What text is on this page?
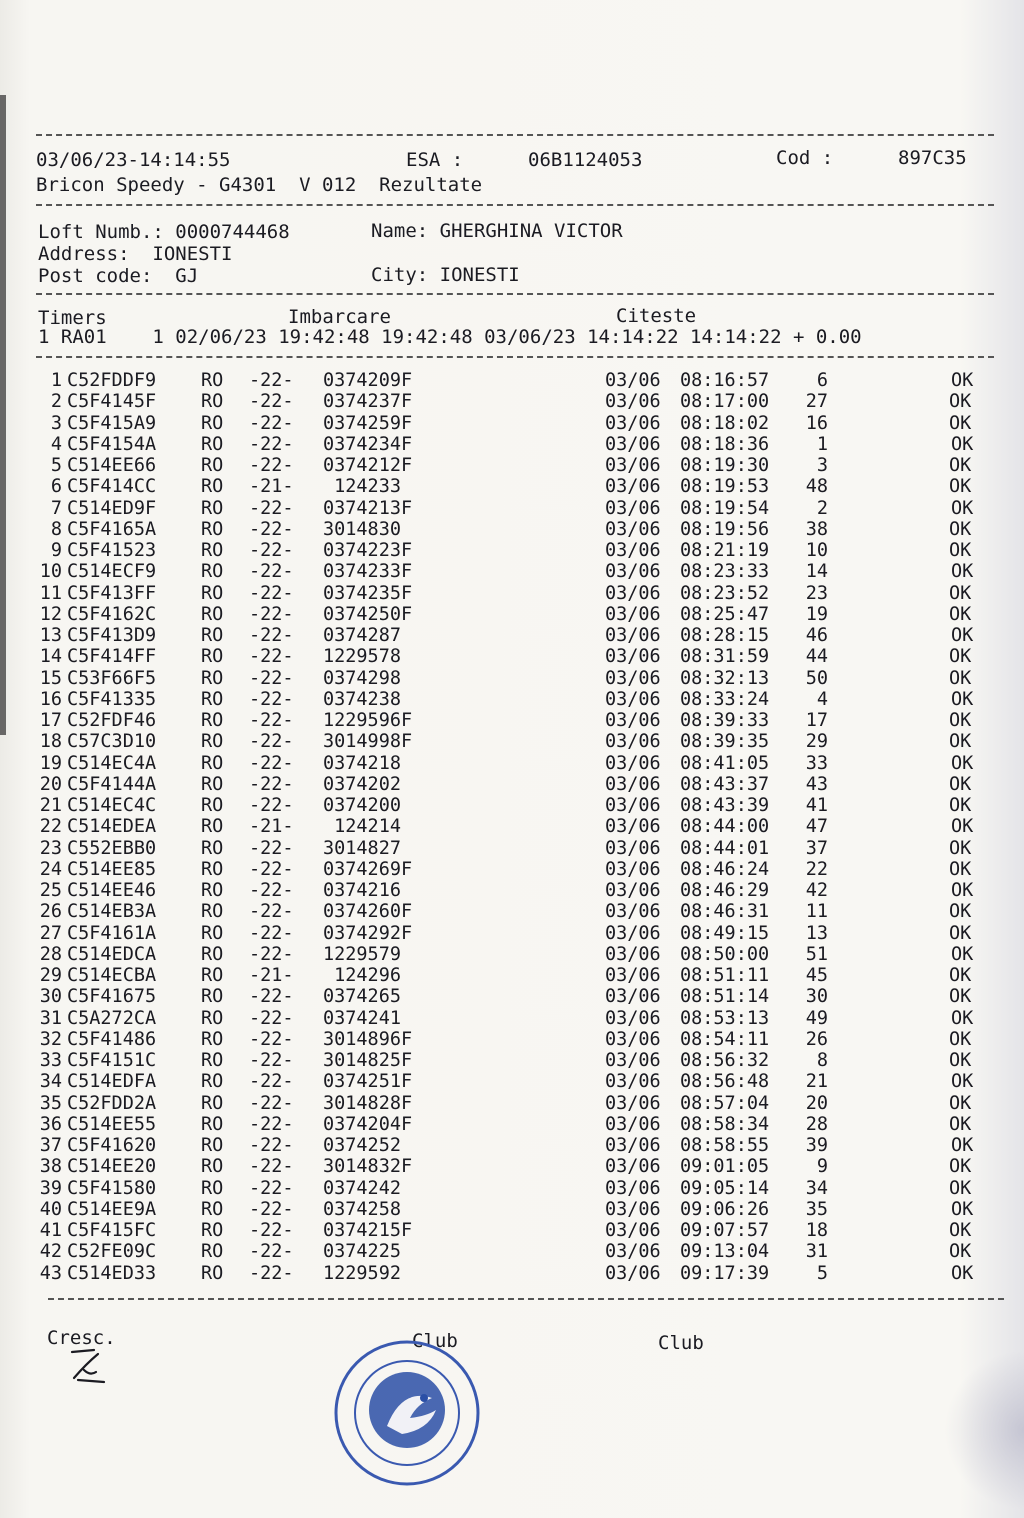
03/06/23-14:14:55	ESA :	06B1124053	Cod :	897C35
Bricon Speedy - G4301  V 012  Rezultate
Loft Numb.: 0000744468	Name: GHERGHINA VICTOR
Address:  IONESTI
Post code:  GJ	City: IONESTI
Timers	Imbarcare	Citeste
1 RA01    1 02/06/23 19:42:48 19:42:48 03/06/23 14:14:22 14:14:22 + 0.00
1 C52FDDF9 RO -22- 0374209F	03/06 08:16:57	6	OK
2 C5F4145F RO -22- 0374237F	03/06 08:17:00	27	OK
3 C5F415A9 RO -22- 0374259F	03/06 08:18:02	16	OK
4 C5F4154A RO -22- 0374234F	03/06 08:18:36	1	OK
5 C514EE66 RO -22- 0374212F	03/06 08:19:30	3	OK
6 C5F414CC RO -21- 124233	03/06 08:19:53	48	OK
7 C514ED9F RO -22- 0374213F	03/06 08:19:54	2	OK
8 C5F4165A RO -22- 3014830	03/06 08:19:56	38	OK
9 C5F41523 RO -22- 0374223F	03/06 08:21:19	10	OK
10 C514ECF9 RO -22- 0374233F	03/06 08:23:33	14	OK
11 C5F413FF RO -22- 0374235F	03/06 08:23:52	23	OK
12 C5F4162C RO -22- 0374250F	03/06 08:25:47	19	OK
13 C5F413D9 RO -22- 0374287	03/06 08:28:15	46	OK
14 C5F414FF RO -22- 1229578	03/06 08:31:59	44	OK
15 C53F66F5 RO -22- 0374298	03/06 08:32:13	50	OK
16 C5F41335 RO -22- 0374238	03/06 08:33:24	4	OK
17 C52FDF46 RO -22- 1229596F	03/06 08:39:33	17	OK
18 C57C3D10 RO -22- 3014998F	03/06 08:39:35	29	OK
19 C514EC4A RO -22- 0374218	03/06 08:41:05	33	OK
20 C5F4144A RO -22- 0374202	03/06 08:43:37	43	OK
21 C514EC4C RO -22- 0374200	03/06 08:43:39	41	OK
22 C514EDEA RO -21- 124214	03/06 08:44:00	47	OK
23 C552EBB0 RO -22- 3014827	03/06 08:44:01	37	OK
24 C514EE85 RO -22- 0374269F	03/06 08:46:24	22	OK
25 C514EE46 RO -22- 0374216	03/06 08:46:29	42	OK
26 C514EB3A RO -22- 0374260F	03/06 08:46:31	11	OK
27 C5F4161A RO -22- 0374292F	03/06 08:49:15	13	OK
28 C514EDCA RO -22- 1229579	03/06 08:50:00	51	OK
29 C514ECBA RO -21- 124296	03/06 08:51:11	45	OK
30 C5F41675 RO -22- 0374265	03/06 08:51:14	30	OK
31 C5A272CA RO -22- 0374241	03/06 08:53:13	49	OK
32 C5F41486 RO -22- 3014896F	03/06 08:54:11	26	OK
33 C5F4151C RO -22- 3014825F	03/06 08:56:32	8	OK
34 C514EDFA RO -22- 0374251F	03/06 08:56:48	21	OK
35 C52FDD2A RO -22- 3014828F	03/06 08:57:04	20	OK
36 C514EE55 RO -22- 0374204F	03/06 08:58:34	28	OK
37 C5F41620 RO -22- 0374252	03/06 08:58:55	39	OK
38 C514EE20 RO -22- 3014832F	03/06 09:01:05	9	OK
39 C5F41580 RO -22- 0374242	03/06 09:05:14	34	OK
40 C514EE9A RO -22- 0374258	03/06 09:06:26	35	OK
41 C5F415FC RO -22- 0374215F	03/06 09:07:57	18	OK
42 C52FE09C RO -22- 0374225	03/06 09:13:04	31	OK
43 C514ED33 RO -22- 1229592	03/06 09:17:39	5	OK
Cresc.	Club	Club
